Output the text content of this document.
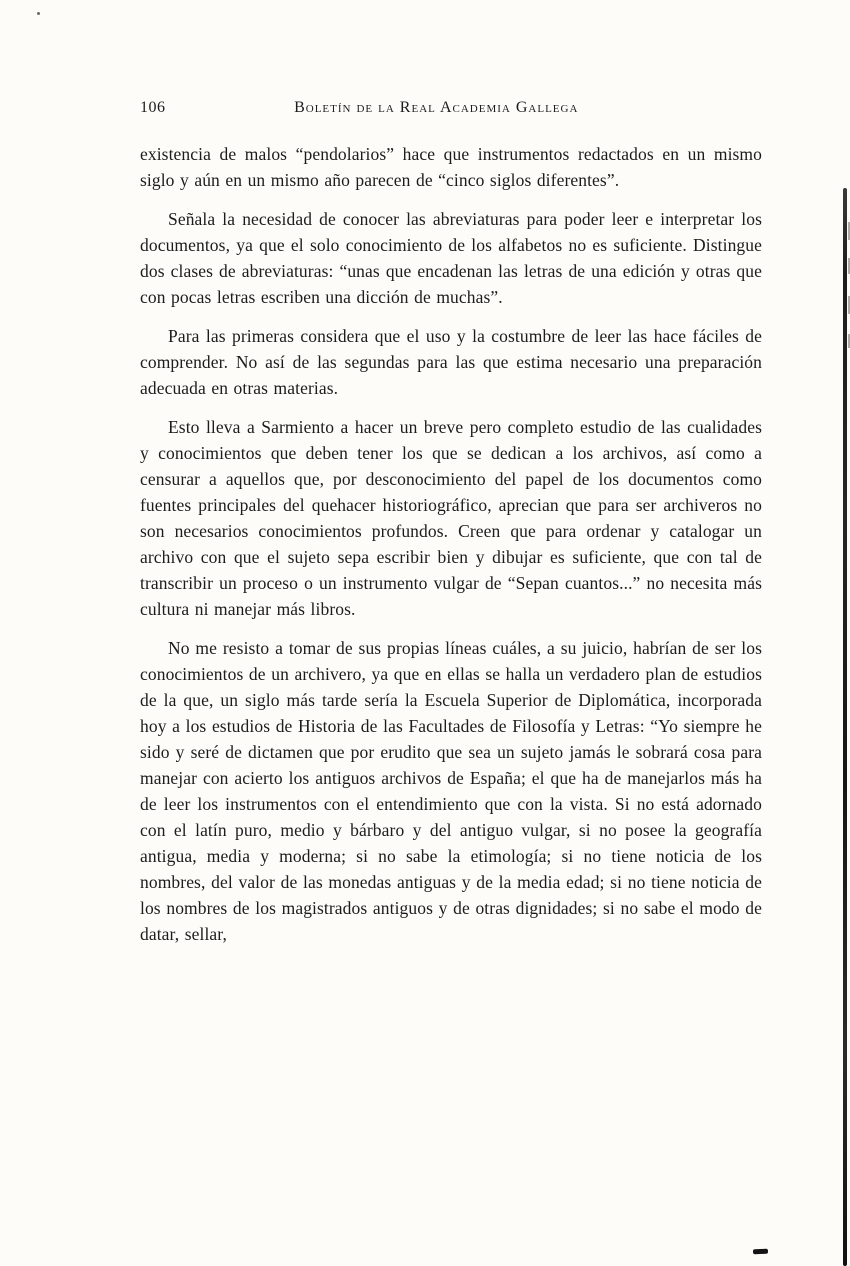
106	Boletín de la Real Academia Gallega

existencia de malos “pendolarios” hace que instrumentos redactados en un mismo siglo y aún en un mismo año parecen de “cinco siglos diferentes”.

Señala la necesidad de conocer las abreviaturas para poder leer e interpretar los documentos, ya que el solo conocimiento de los alfabetos no es suficiente. Distingue dos clases de abreviaturas: “unas que encadenan las letras de una edición y otras que con pocas letras escriben una dicción de muchas”.

Para las primeras considera que el uso y la costumbre de leer las hace fáciles de comprender. No así de las segundas para las que estima necesario una preparación adecuada en otras materias.

Esto lleva a Sarmiento a hacer un breve pero completo estudio de las cualidades y conocimientos que deben tener los que se dedican a los archivos, así como a censurar a aquellos que, por desconocimiento del papel de los documentos como fuentes principales del quehacer historiográfico, aprecian que para ser archiveros no son necesarios conocimientos profundos. Creen que para ordenar y catalogar un archivo con que el sujeto sepa escribir bien y dibujar es suficiente, que con tal de transcribir un proceso o un instrumento vulgar de “Sepan cuantos...” no necesita más cultura ni manejar más libros.

No me resisto a tomar de sus propias líneas cuáles, a su juicio, habrían de ser los conocimientos de un archivero, ya que en ellas se halla un verdadero plan de estudios de la que, un siglo más tarde sería la Escuela Superior de Diplomática, incorporada hoy a los estudios de Historia de las Facultades de Filosofía y Letras: “Yo siempre he sido y seré de dictamen que por erudito que sea un sujeto jamás le sobrará cosa para manejar con acierto los antiguos archivos de España; el que ha de manejarlos más ha de leer los instrumentos con el entendimiento que con la vista. Si no está adornado con el latín puro, medio y bárbaro y del antiguo vulgar, si no posee la geografía antigua, media y moderna; si no sabe la etimología; si no tiene noticia de los nombres, del valor de las monedas antiguas y de la media edad; si no tiene noticia de los nombres de los magistrados antiguos y de otras dignidades; si no sabe el modo de datar, sellar,
